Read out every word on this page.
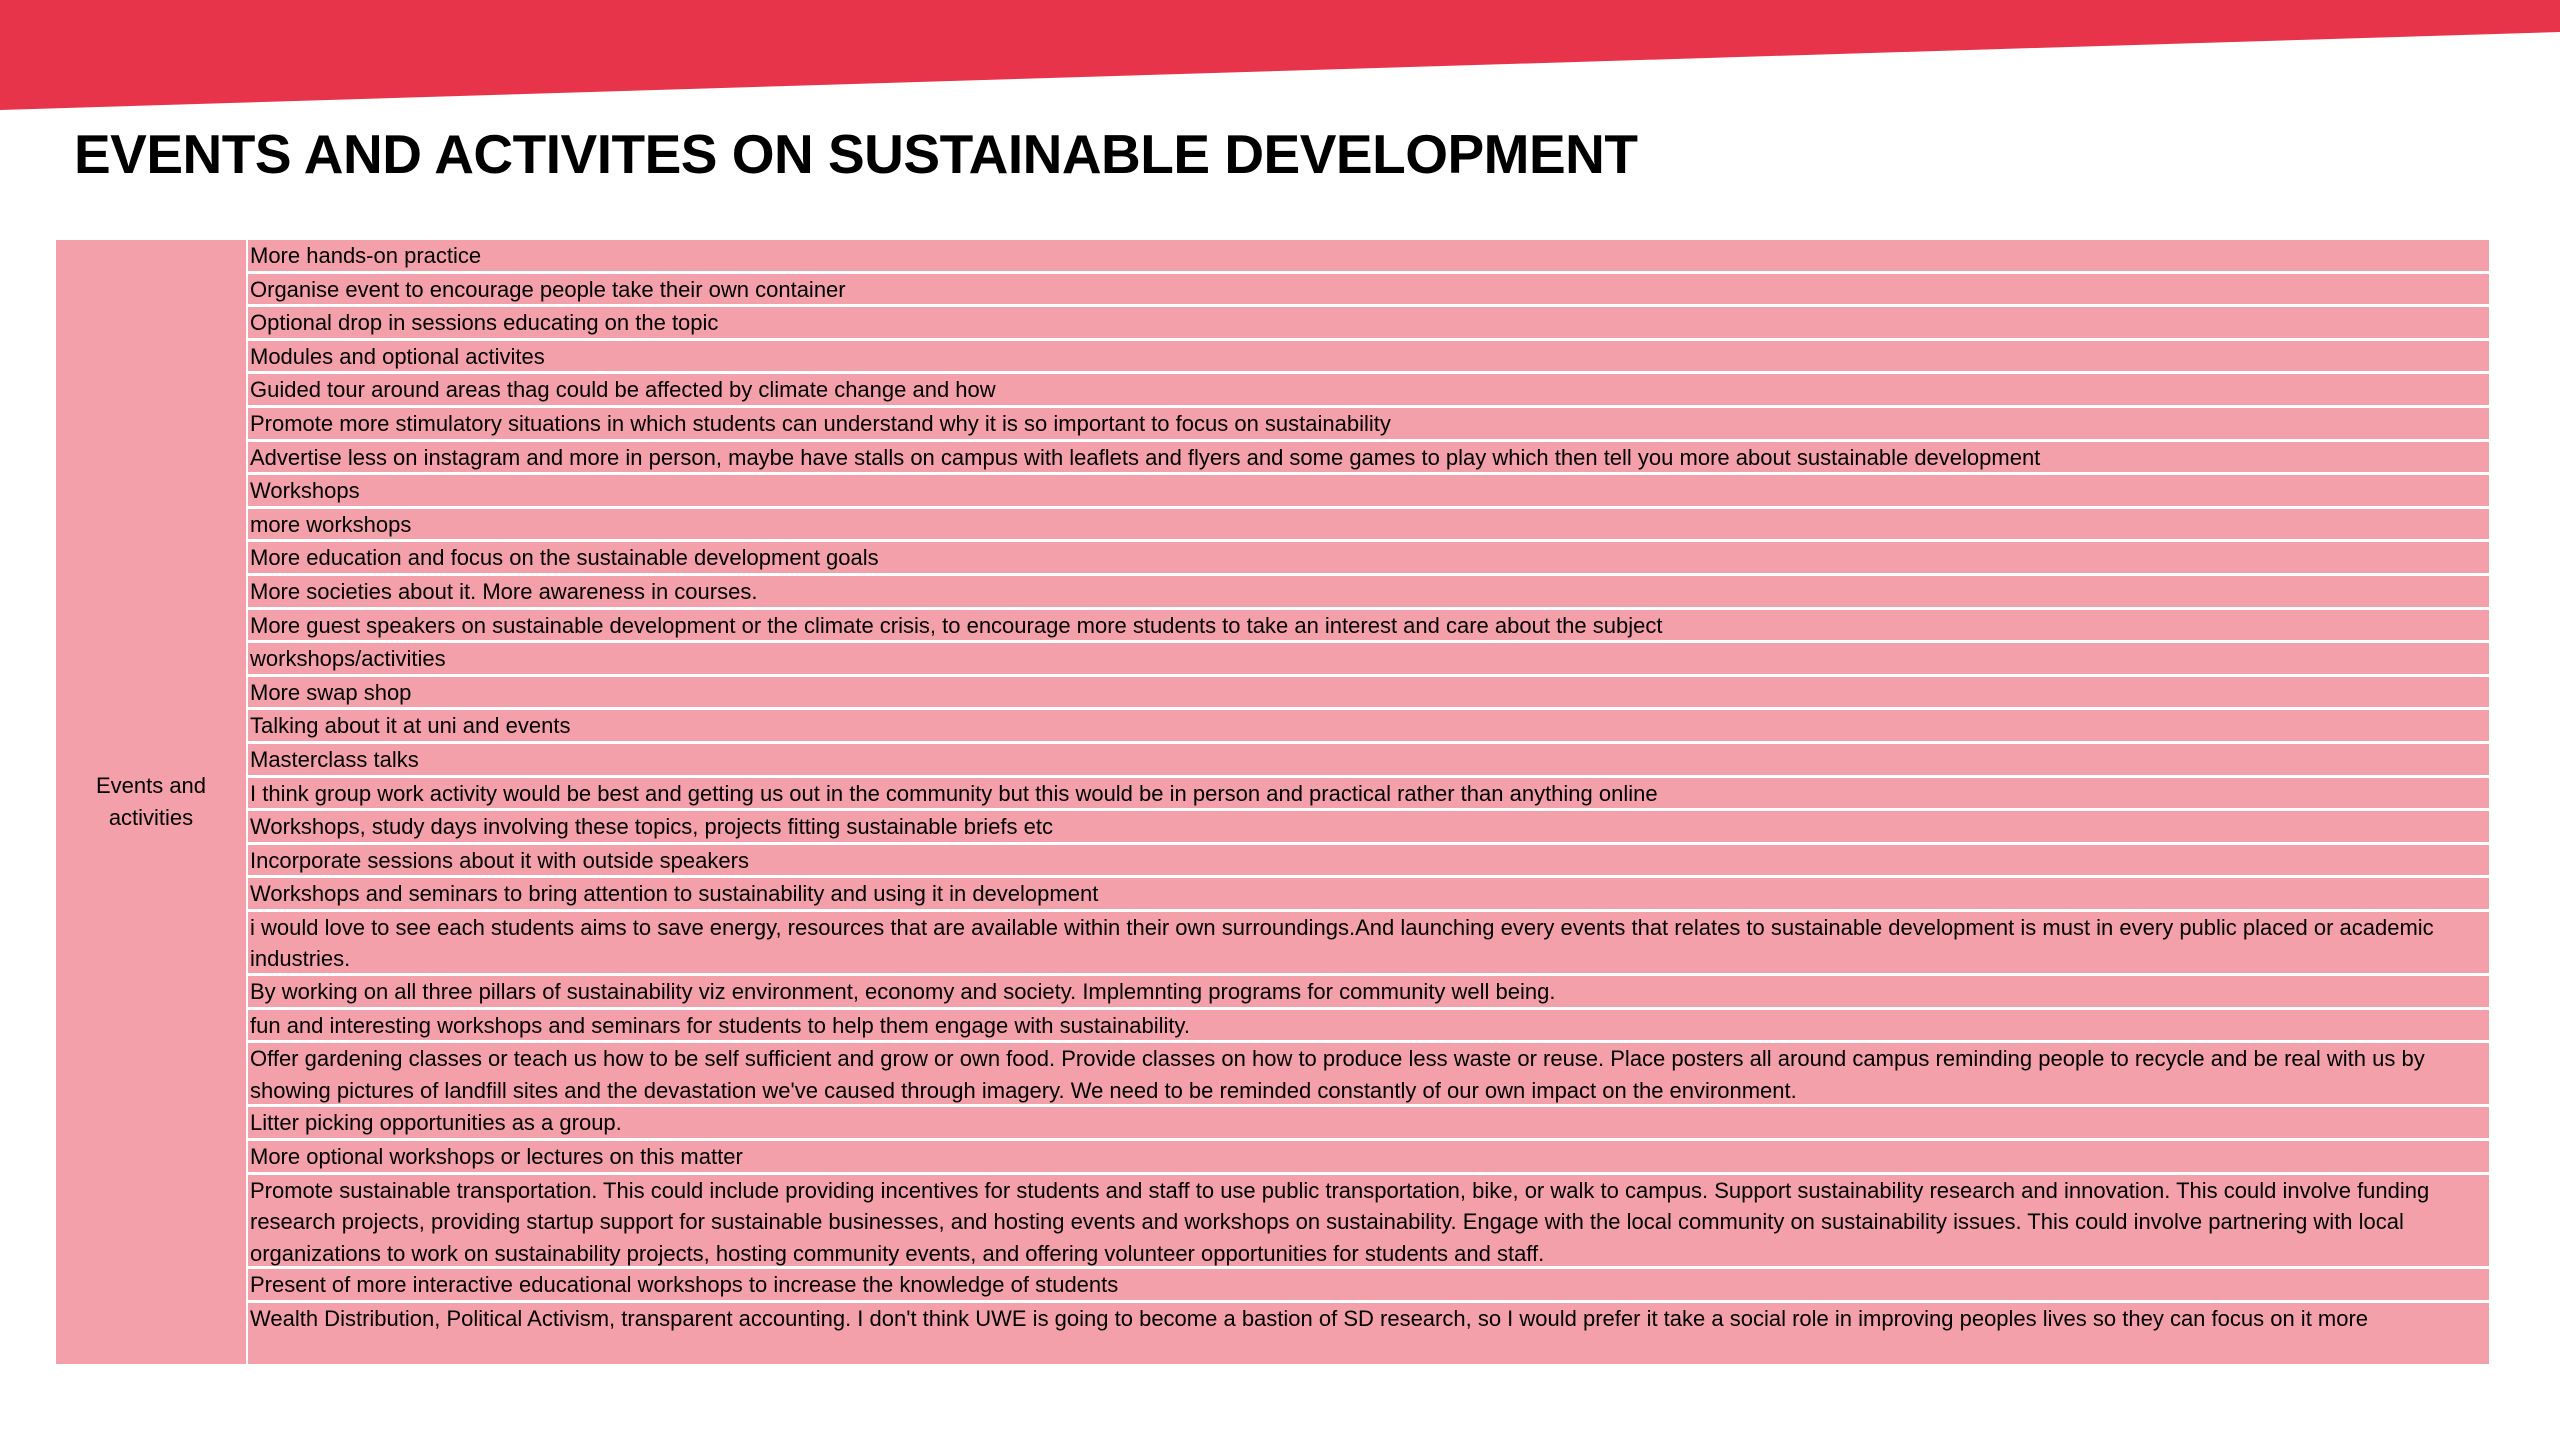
EVENTS AND ACTIVITES ON SUSTAINABLE DEVELOPMENT
Events and activities
More hands-on practice
Organise event to encourage people take their own container
Optional drop in sessions educating on the topic
Modules and optional activites
Guided tour around areas thag could be affected by climate change and how
Promote more stimulatory situations in which students can understand why it is so important to focus on sustainability
Advertise less on instagram and more in person, maybe have stalls on campus with leaflets and flyers and some games to play which then tell you more about sustainable development
Workshops
more workshops
More education and focus on the sustainable development goals
More societies about it. More awareness in courses.
More guest speakers on sustainable development or the climate crisis, to encourage more students to take an interest and care about the subject
workshops/activities
More swap shop
Talking about it at uni and events
Masterclass talks
I think group work activity would be best and getting us out in the community but this would be in person and practical rather than anything online
Workshops, study days involving these topics, projects fitting sustainable briefs etc
Incorporate sessions about it with outside speakers
Workshops and seminars to bring attention to sustainability and using it in development
i would love to see each students aims to save energy, resources that are available within their own surroundings.And launching every events that relates to sustainable development is must in every public placed or academic industries.
By working on all three pillars of sustainability viz environment, economy and society. Implemnting programs for community well being.
fun and interesting workshops and seminars for students to help them engage with sustainability.
Offer gardening classes or teach us how to be self sufficient and grow or own food. Provide classes on how to produce less waste or reuse. Place posters all around campus reminding people to recycle and be real with us by showing pictures of landfill sites and the devastation we've caused through imagery. We need to be reminded constantly of our own impact on the environment.
Litter picking opportunities as a group.
More optional workshops or lectures on this matter
Promote sustainable transportation. This could include providing incentives for students and staff to use public transportation, bike, or walk to campus. Support sustainability research and innovation. This could involve funding research projects, providing startup support for sustainable businesses, and hosting events and workshops on sustainability. Engage with the local community on sustainability issues. This could involve partnering with local organizations to work on sustainability projects, hosting community events, and offering volunteer opportunities for students and staff.
Present of more interactive educational workshops to increase the knowledge of students
Wealth Distribution, Political Activism, transparent accounting. I don't think UWE is going to become a bastion of SD research, so I would prefer it take a social role in improving peoples lives so they can focus on it more
